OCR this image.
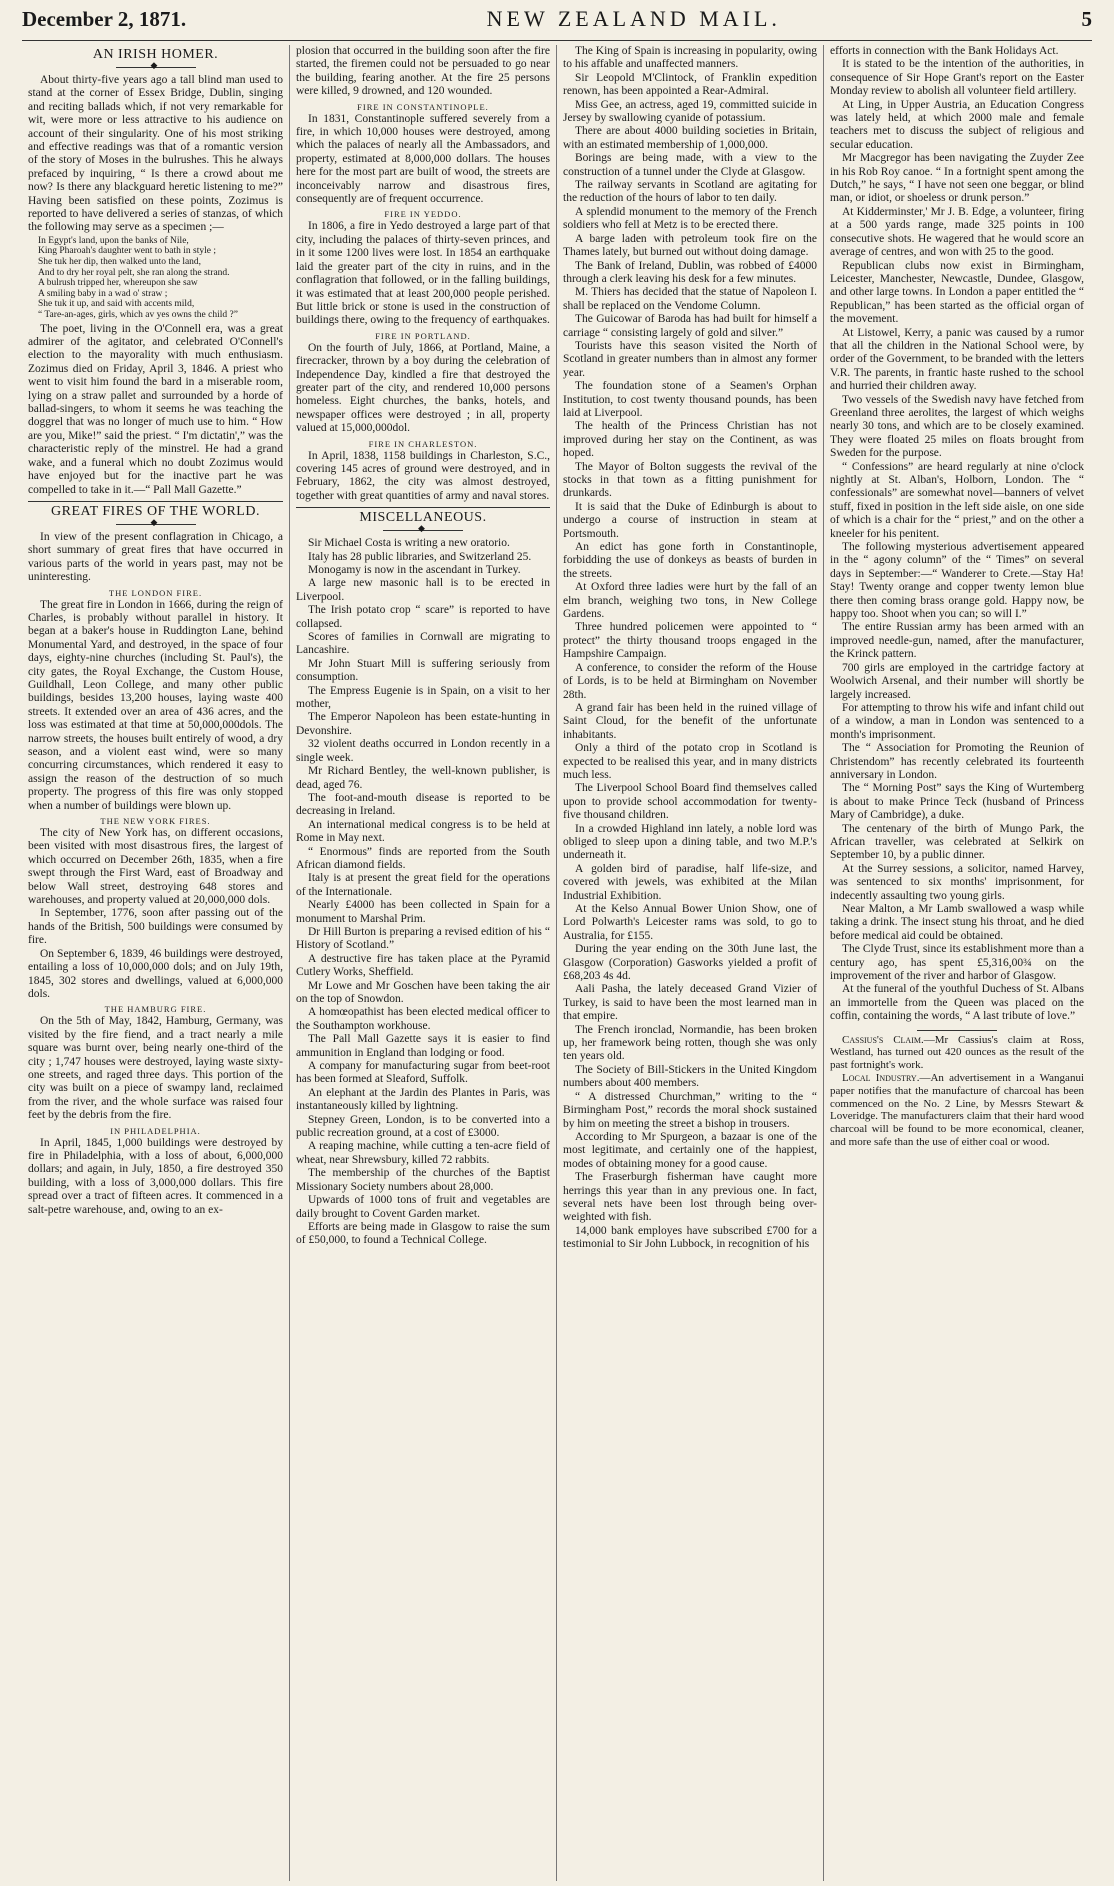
December 2, 1871.	NEW ZEALAND MAIL.	5
AN IRISH HOMER.
◆

About thirty-five years ago a tall blind man used to stand at the corner of Essex Bridge, Dublin, singing and reciting ballads which, if not very remarkable for wit, were more or less attractive to his audience on account of their singularity. One of his most striking and effective readings was that of a romantic version of the story of Moses in the bulrushes. This he always prefaced by inquiring, “ Is there a crowd about me now? Is there any blackguard heretic listening to me?” Having been satisfied on these points, Zozimus is reported to have delivered a series of stanzas, of which the following may serve as a specimen ;—

In Egypt's land, upon the banks of Nile,
King Pharoah's daughter went to bath in style ;
She tuk her dip, then walked unto the land,
And to dry her royal pelt, she ran along the strand.
A bulrush tripped her, whereupon she saw
A smiling baby in a wad o' straw ;
She tuk it up, and said with accents mild,
“ Tare-an-ages, girls, which av yes owns the child ?”

The poet, living in the O'Connell era, was a great admirer of the agitator, and celebrated O'Connell's election to the mayorality with much enthusiasm. Zozimus died on Friday, April 3, 1846. A priest who went to visit him found the bard in a miserable room, lying on a straw pallet and surrounded by a horde of ballad-singers, to whom it seems he was teaching the doggrel that was no longer of much use to him. “ How are you, Mike!” said the priest. “ I'm dictatin',” was the characteristic reply of the minstrel. He had a grand wake, and a funeral which no doubt Zozimus would have enjoyed but for the inactive part he was compelled to take in it.—“ Pall Mall Gazette.”

GREAT FIRES OF THE WORLD.
◆

In view of the present conflagration in Chicago, a short summary of great fires that have occurred in various parts of the world in years past, may not be uninteresting.

THE LONDON FIRE.

The great fire in London in 1666, during the reign of Charles, is probably without parallel in history. It began at a baker's house in Ruddington Lane, behind Monumental Yard, and destroyed, in the space of four days, eighty-nine churches (including St. Paul's), the city gates, the Royal Exchange, the Custom House, Guildhall, Leon College, and many other public buildings, besides 13,200 houses, laying waste 400 streets. It extended over an area of 436 acres, and the loss was estimated at that time at 50,000,000dols. The narrow streets, the houses built entirely of wood, a dry season, and a violent east wind, were so many concurring circumstances, which rendered it easy to assign the reason of the destruction of so much property. The progress of this fire was only stopped when a number of buildings were blown up.

THE NEW YORK FIRES.

The city of New York has, on different occasions, been visited with most disastrous fires, the largest of which occurred on December 26th, 1835, when a fire swept through the First Ward, east of Broadway and below Wall street, destroying 648 stores and warehouses, and property valued at 20,000,000 dols.

In September, 1776, soon after passing out of the hands of the British, 500 buildings were consumed by fire.

On September 6, 1839, 46 buildings were destroyed, entailing a loss of 10,000,000 dols; and on July 19th, 1845, 302 stores and dwellings, valued at 6,000,000 dols.

THE HAMBURG FIRE.

On the 5th of May, 1842, Hamburg, Germany, was visited by the fire fiend, and a tract nearly a mile square was burnt over, being nearly one-third of the city ; 1,747 houses were destroyed, laying waste sixty-one streets, and raged three days. This portion of the city was built on a piece of swampy land, reclaimed from the river, and the whole surface was raised four feet by the debris from the fire.

IN PHILADELPHIA.

In April, 1845, 1,000 buildings were destroyed by fire in Philadelphia, with a loss of about, 6,000,000 dollars; and again, in July, 1850, a fire destroyed 350 building, with a loss of 3,000,000 dollars. This fire spread over a tract of fifteen acres. It commenced in a salt-petre warehouse, and, owing to an ex-

plosion that occurred in the building soon after the fire started, the firemen could not be persuaded to go near the building, fearing another. At the fire 25 persons were killed, 9 drowned, and 120 wounded.

FIRE IN CONSTANTINOPLE.

In 1831, Constantinople suffered severely from a fire, in which 10,000 houses were destroyed, among which the palaces of nearly all the Ambassadors, and property, estimated at 8,000,000 dollars. The houses here for the most part are built of wood, the streets are inconceivably narrow and disastrous fires, consequently are of frequent occurrence.

FIRE IN YEDDO.

In 1806, a fire in Yedo destroyed a large part of that city, including the palaces of thirty-seven princes, and in it some 1200 lives were lost. In 1854 an earthquake laid the greater part of the city in ruins, and in the conflagration that followed, or in the falling buildings, it was estimated that at least 200,000 people perished. But little brick or stone is used in the construction of buildings there, owing to the frequency of earthquakes.

FIRE IN PORTLAND.

On the fourth of July, 1866, at Portland, Maine, a firecracker, thrown by a boy during the celebration of Independence Day, kindled a fire that destroyed the greater part of the city, and rendered 10,000 persons homeless. Eight churches, the banks, hotels, and newspaper offices were destroyed ; in all, property valued at 15,000,000dol.

FIRE IN CHARLESTON.

In April, 1838, 1158 buildings in Charleston, S.C., covering 145 acres of ground were destroyed, and in February, 1862, the city was almost destroyed, together with great quantities of army and naval stores.

MISCELLANEOUS.
◆

Sir Michael Costa is writing a new oratorio.

Italy has 28 public libraries, and Switzerland 25.

Monogamy is now in the ascendant in Turkey.

A large new masonic hall is to be erected in Liverpool.

The Irish potato crop “ scare” is reported to have collapsed.

Scores of families in Cornwall are migrating to Lancashire.

Mr John Stuart Mill is suffering seriously from consumption.

The Empress Eugenie is in Spain, on a visit to her mother,

The Emperor Napoleon has been estate-hunting in Devonshire.

32 violent deaths occurred in London recently in a single week.

Mr Richard Bentley, the well-known publisher, is dead, aged 76.

The foot-and-mouth disease is reported to be decreasing in Ireland.

An international medical congress is to be held at Rome in May next.

“ Enormous” finds are reported from the South African diamond fields.

Italy is at present the great field for the operations of the Internationale.

Nearly £4000 has been collected in Spain for a monument to Marshal Prim.

Dr Hill Burton is preparing a revised edition of his “ History of Scotland.”

A destructive fire has taken place at the Pyramid Cutlery Works, Sheffield.

Mr Lowe and Mr Goschen have been taking the air on the top of Snowdon.

A homœopathist has been elected medical officer to the Southampton workhouse.

The Pall Mall Gazette says it is easier to find ammunition in England than lodging or food.

A company for manufacturing sugar from beet-root has been formed at Sleaford, Suffolk.

An elephant at the Jardin des Plantes in Paris, was instantaneously killed by lightning.

Stepney Green, London, is to be converted into a public recreation ground, at a cost of £3000.

A reaping machine, while cutting a ten-acre field of wheat, near Shrewsbury, killed 72 rabbits.

The membership of the churches of the Baptist Missionary Society numbers about 28,000.

Upwards of 1000 tons of fruit and vegetables are daily brought to Covent Garden market.

Efforts are being made in Glasgow to raise the sum of £50,000, to found a Technical College.

The King of Spain is increasing in popularity, owing to his affable and unaffected manners.

Sir Leopold M'Clintock, of Franklin expedition renown, has been appointed a Rear-Admiral.

Miss Gee, an actress, aged 19, committed suicide in Jersey by swallowing cyanide of potassium.

There are about 4000 building societies in Britain, with an estimated membership of 1,000,000.

Borings are being made, with a view to the construction of a tunnel under the Clyde at Glasgow.

The railway servants in Scotland are agitating for the reduction of the hours of labor to ten daily.

A splendid monument to the memory of the French soldiers who fell at Metz is to be erected there.

A barge laden with petroleum took fire on the Thames lately, but burned out without doing damage.

The Bank of Ireland, Dublin, was robbed of £4000 through a clerk leaving his desk for a few minutes.

M. Thiers has decided that the statue of Napoleon I. shall be replaced on the Vendome Column.

The Guicowar of Baroda has had built for himself a carriage “ consisting largely of gold and silver.”

Tourists have this season visited the North of Scotland in greater numbers than in almost any former year.

The foundation stone of a Seamen's Orphan Institution, to cost twenty thousand pounds, has been laid at Liverpool.

The health of the Princess Christian has not improved during her stay on the Continent, as was hoped.

The Mayor of Bolton suggests the revival of the stocks in that town as a fitting punishment for drunkards.

It is said that the Duke of Edinburgh is about to undergo a course of instruction in steam at Portsmouth.

An edict has gone forth in Constantinople, forbidding the use of donkeys as beasts of burden in the streets.

At Oxford three ladies were hurt by the fall of an elm branch, weighing two tons, in New College Gardens.

Three hundred policemen were appointed to “ protect” the thirty thousand troops engaged in the Hampshire Campaign.

A conference, to consider the reform of the House of Lords, is to be held at Birmingham on November 28th.

A grand fair has been held in the ruined village of Saint Cloud, for the benefit of the unfortunate inhabitants.

Only a third of the potato crop in Scotland is expected to be realised this year, and in many districts much less.

The Liverpool School Board find themselves called upon to provide school accommodation for twenty-five thousand children.

In a crowded Highland inn lately, a noble lord was obliged to sleep upon a dining table, and two M.P.'s underneath it.

A golden bird of paradise, half life-size, and covered with jewels, was exhibited at the Milan Industrial Exhibition.

At the Kelso Annual Bower Union Show, one of Lord Polwarth's Leicester rams was sold, to go to Australia, for £155.

During the year ending on the 30th June last, the Glasgow (Corporation) Gasworks yielded a profit of £68,203 4s 4d.

Aali Pasha, the lately deceased Grand Vizier of Turkey, is said to have been the most learned man in that empire.

The French ironclad, Normandie, has been broken up, her framework being rotten, though she was only ten years old.

The Society of Bill-Stickers in the United Kingdom numbers about 400 members.

“ A distressed Churchman,” writing to the “ Birmingham Post,” records the moral shock sustained by him on meeting the street a bishop in trousers.

According to Mr Spurgeon, a bazaar is one of the most legitimate, and certainly one of the happiest, modes of obtaining money for a good cause.

The Fraserburgh fisherman have caught more herrings this year than in any previous one. In fact, several nets have been lost through being over-weighted with fish.

14,000 bank employes have subscribed £700 for a testimonial to Sir John Lubbock, in recognition of his

efforts in connection with the Bank Holidays Act.

It is stated to be the intention of the authorities, in consequence of Sir Hope Grant's report on the Easter Monday review to abolish all volunteer field artillery.

At Ling, in Upper Austria, an Education Congress was lately held, at which 2000 male and female teachers met to discuss the subject of religious and secular education.

Mr Macgregor has been navigating the Zuyder Zee in his Rob Roy canoe. “ In a fortnight spent among the Dutch,” he says, “ I have not seen one beggar, or blind man, or idiot, or shoeless or drunk person.”

At Kidderminster,' Mr J. B. Edge, a volunteer, firing at a 500 yards range, made 325 points in 100 consecutive shots. He wagered that he would score an average of centres, and won with 25 to the good.

Republican clubs now exist in Birmingham, Leicester, Manchester, Newcastle, Dundee, Glasgow, and other large towns. In London a paper entitled the “ Republican,” has been started as the official organ of the movement.

At Listowel, Kerry, a panic was caused by a rumor that all the children in the National School were, by order of the Government, to be branded with the letters V.R. The parents, in frantic haste rushed to the school and hurried their children away.

Two vessels of the Swedish navy have fetched from Greenland three aerolites, the largest of which weighs nearly 30 tons, and which are to be closely examined. They were floated 25 miles on floats brought from Sweden for the purpose.

“ Confessions” are heard regularly at nine o'clock nightly at St. Alban's, Holborn, London. The “ confessionals” are somewhat novel—banners of velvet stuff, fixed in position in the left side aisle, on one side of which is a chair for the “ priest,” and on the other a kneeler for his penitent.

The following mysterious advertisement appeared in the “ agony column” of the “ Times” on several days in September:—“ Wanderer to Crete.—Stay Ha! Stay! Twenty orange and copper twenty lemon blue there then coming brass orange gold. Happy now, be happy too. Shoot when you can; so will I.”

The entire Russian army has been armed with an improved needle-gun, named, after the manufacturer, the Krinck pattern.

700 girls are employed in the cartridge factory at Woolwich Arsenal, and their number will shortly be largely increased.

For attempting to throw his wife and infant child out of a window, a man in London was sentenced to a month's imprisonment.

The “ Association for Promoting the Reunion of Christendom” has recently celebrated its fourteenth anniversary in London.

The “ Morning Post” says the King of Wurtemberg is about to make Prince Teck (husband of Princess Mary of Cambridge), a duke.

The centenary of the birth of Mungo Park, the African traveller, was celebrated at Selkirk on September 10, by a public dinner.

At the Surrey sessions, a solicitor, named Harvey, was sentenced to six months' imprisonment, for indecently assaulting two young girls.

Near Malton, a Mr Lamb swallowed a wasp while taking a drink. The insect stung his throat, and he died before medical aid could be obtained.

The Clyde Trust, since its establishment more than a century ago, has spent £5,316,00¾ on the improvement of the river and harbor of Glasgow.

At the funeral of the youthful Duchess of St. Albans an immortelle from the Queen was placed on the coffin, containing the words, “ A last tribute of love.”

Cassius's Claim.—Mr Cassius's claim at Ross, Westland, has turned out 420 ounces as the result of the past fortnight's work.

Local Industry.—An advertisement in a Wanganui paper notifies that the manufacture of charcoal has been commenced on the No. 2 Line, by Messrs Stewart & Loveridge. The manufacturers claim that their hard wood charcoal will be found to be more economical, cleaner, and more safe than the use of either coal or wood.
